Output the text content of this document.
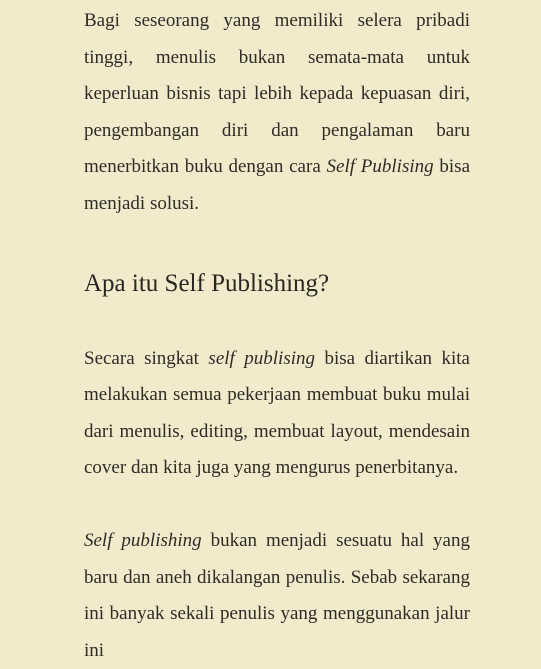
Bagi seseorang yang memiliki selera pribadi tinggi, menulis bukan semata-mata untuk keperluan bisnis tapi lebih kepada kepuasan diri, pengembangan diri dan pengalaman baru menerbitkan buku dengan cara Self Publising bisa menjadi solusi.

Apa itu Self Publishing?

Secara singkat self publising bisa diartikan kita melakukan semua pekerjaan membuat buku mulai dari menulis, editing, membuat layout, mendesain cover dan kita juga yang mengurus penerbitanya.

Self publishing bukan menjadi sesuatu hal yang baru dan aneh dikalangan penulis. Sebab sekarang ini banyak sekali penulis yang menggunakan jalur ini
